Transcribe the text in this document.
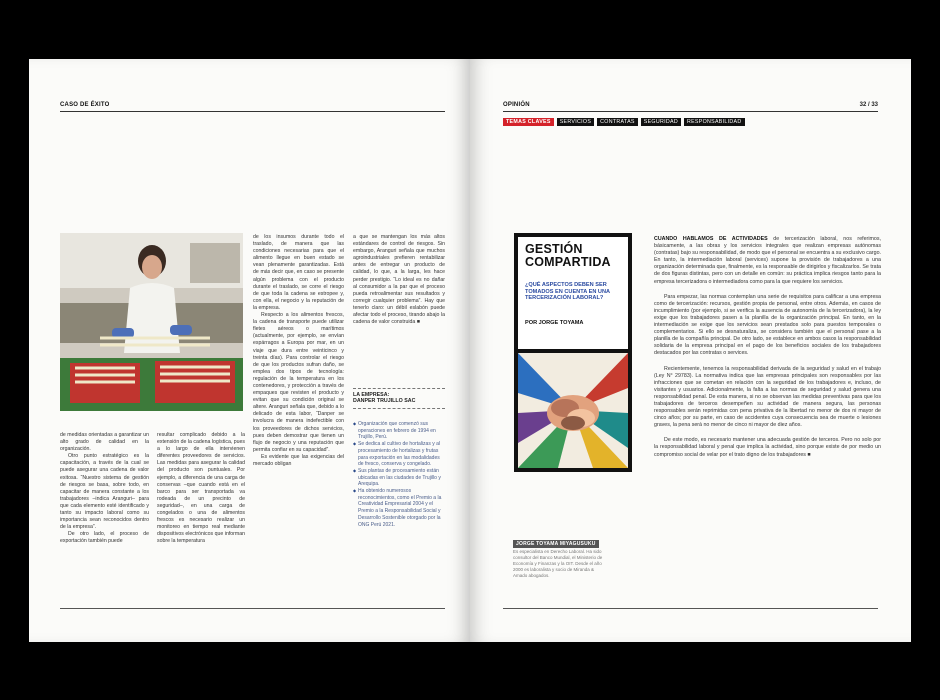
CASO DE ÉXITO

de medidas orientadas a garantizar un alto grado de calidad en la organización.

Otro punto estratégico es la capacitación, a través de la cual se puede asegurar una cadena de valor exitosa. “Nuestro sistema de gestión de riesgos se basa, sobre todo, en capacitar de manera constante a los trabajadores –indica Aranguri– para que cada elemento esté identificado y tanto su impacto laboral como su importancia sean reconocidos dentro de la empresa”.

De otro lado, el proceso de exportación también puede

resultar complicado debido a la extensión de la cadena logística, pues a lo largo de ella intervienen diferentes proveedores de servicios. Las medidas para asegurar la calidad del producto son puntuales. Por ejemplo, a diferencia de una carga de conservas –que cuando está en el barco para ser transportada va rodeada de un precinto de seguridad–, en una carga de congelados o una de alimentos frescos es necesario realizar un monitoreo en tiempo real mediante dispositivos electrónicos que informan sobre la temperatura

de los insumos durante todo el traslado, de manera que las condiciones necesarias para que el alimento llegue en buen estado se vean plenamente garantizadas. Está de más decir que, en caso se presente algún problema con el producto durante el traslado, se corre el riesgo de que toda la cadena se estropee y, con ella, el negocio y la reputación de la empresa.

Respecto a los alimentos frescos, la cadena de transporte puede utilizar fletes aéreos o marítimos (actualmente, por ejemplo, se envían espárragos a Europa por mar, en un viaje que dura entre veinticinco y treinta días). Para controlar el riesgo de que los productos sufran daño, se emplea dos tipos de tecnología: regulación de la temperatura en los contenedores, y protección a través de empaques que revisten el producto y evitan que su condición original se altere. Aranguri señala que, debido a lo delicado de esta labor, “Danper se involucra de manera indefectible con los proveedores de dichos servicios, pues deben demostrar que tienen un flujo de negocio y una reputación que permita confiar en su capacidad”.

Es evidente que las exigencias del mercado obligan

a que se mantengan los más altos estándares de control de riesgos. Sin embargo, Aranguri señala que muchos agroindustriales prefieren rentabilizar antes de entregar un producto de calidad, lo que, a la larga, les hace perder prestigio. “Lo ideal es no dañar al consumidor a la par que el proceso pueda retroalimentar sus resultados y corregir cualquier problema”. Hay que tenerlo claro: un débil eslabón puede afectar todo el proceso, tirando abajo la cadena de valor construida ■

LA EMPRESA:
DANPER TRUJILLO SAC
◆ Organización que comenzó sus operaciones en febrero de 1994 en Trujillo, Perú.
◆ Se dedica al cultivo de hortalizas y al procesamiento de hortalizas y frutas para exportación en las modalidades de fresco, conserva y congelado.
◆ Sus plantas de procesamiento están ubicadas en las ciudades de Trujillo y Arequipa.
◆ Ha obtenido numerosos reconocimientos, como el Premio a la Creatividad Empresarial 2004 y el Premio a la Responsabilidad Social y Desarrollo Sostenible otorgado por la ONG Perú 2021.
OPINIÓN	32 / 33
TEMAS CLAVES	SERVICIOS	CONTRATAS	SEGURIDAD	RESPONSABILIDAD
GESTIÓN COMPARTIDA
¿QUÉ ASPECTOS DEBEN SER TOMADOS EN CUENTA EN UNA TERCERIZACIÓN LABORAL?
POR JORGE TOYAMA
JORGE TOYAMA MIYAGUSUKU
Es especialista en Derecho Laboral. Ha sido consultor del Banco Mundial, el Ministerio de Economía y Finanzas y la OIT. Desde el año 2000 es laboralista y socio de Miranda & Amado abogados.

CUANDO HABLAMOS DE ACTIVIDADES de tercerización laboral, nos referimos, básicamente, a las obras y los servicios integrales que realizan empresas autónomas (contratas) bajo su responsabilidad, de modo que el personal se encuentra a su exclusivo cargo. En tanto, la intermediación laboral (services) supone la provisión de trabajadores a una organización determinada que, finalmente, es la responsable de dirigirlos y fiscalizarlos. Se trata de dos figuras distintas, pero con un detalle en común: su práctica implica riesgos tanto para la empresa tercerizadora o intermediadora como para la que requiere los servicios.

Para empezar, las normas contemplan una serie de requisitos para calificar a una empresa como de tercerización: recursos, gestión propia de personal, entre otros. Además, en casos de incumplimiento (por ejemplo, si se verifica la ausencia de autonomía de la tercerizadora), la ley exige que los trabajadores pasen a la planilla de la organización principal. En tanto, en la intermediación se exige que los servicios sean prestados solo para puestos temporales o complementarios. Si ello se desnaturaliza, se considera también que el personal pase a la planilla de la compañía principal. De otro lado, se establece en ambos casos la responsabilidad solidaria de la empresa principal en el pago de los beneficios sociales de los trabajadores destacados por las contratas o services.

Recientemente, tenemos la responsabilidad derivada de la seguridad y salud en el trabajo (Ley N° 29783). La normativa indica que las empresas principales son responsables por las infracciones que se cometan en relación con la seguridad de los trabajadores e, incluso, de visitantes y usuarios. Adicionalmente, la falta a las normas de seguridad y salud genera una responsabilidad penal. De esta manera, si no se observan las medidas preventivas para que los trabajadores de terceros desempeñen su actividad de manera segura, las personas responsables serán reprimidas con pena privativa de la libertad no menor de dos ni mayor de cinco años; por su parte, en caso de accidentes cuya consecuencia sea de muerte o lesiones graves, la pena será no menor de cinco ni mayor de diez años.

De este modo, es necesario mantener una adecuada gestión de terceros. Pero no solo por la responsabilidad laboral y penal que implica la actividad, sino porque existe de por medio un compromiso social de velar por el trato digno de los trabajadores ■
